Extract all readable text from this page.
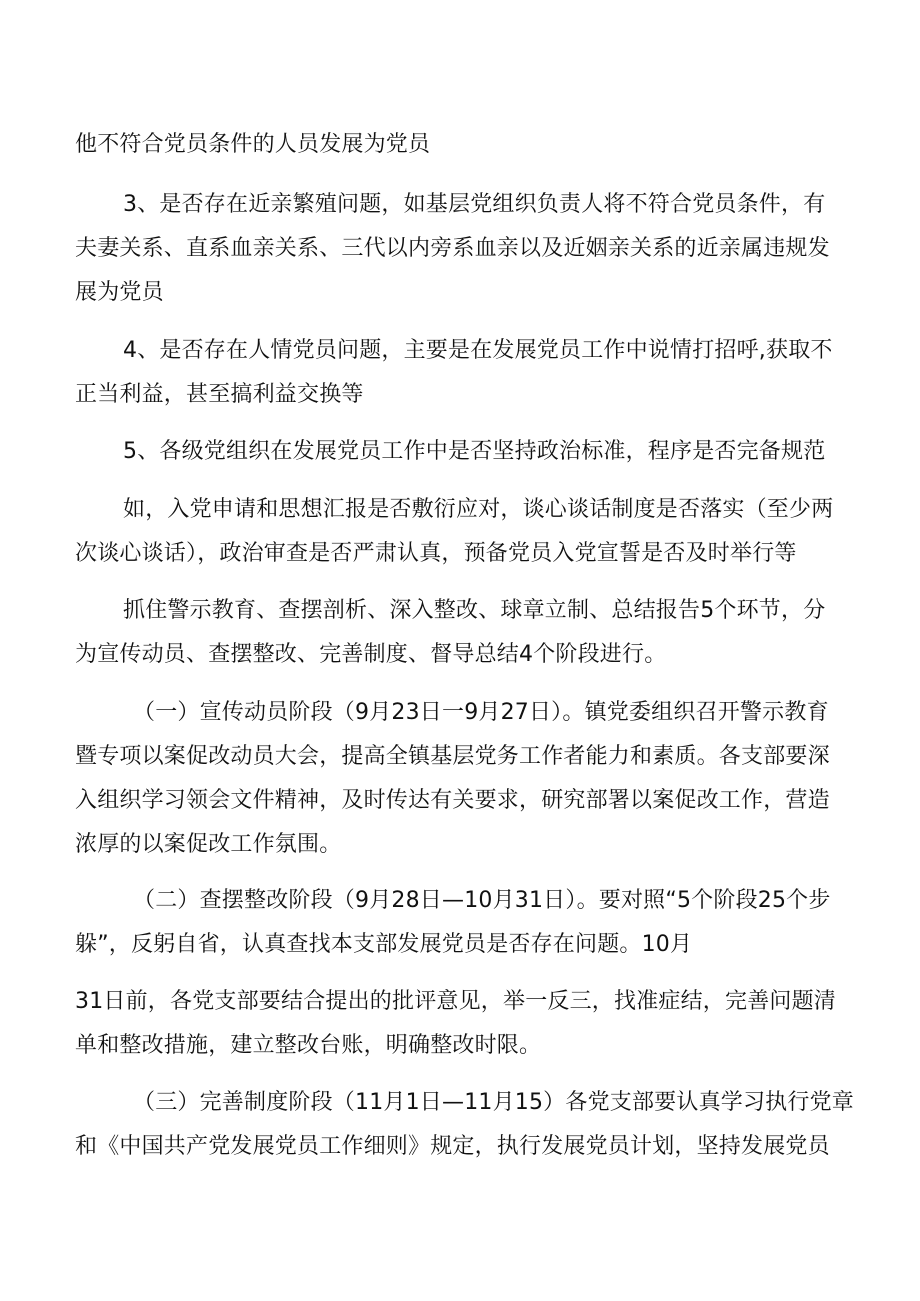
他不符合党员条件的人员发展为党员

3、是否存在近亲繁殖问题，如基层党组织负责人将不符合党员条件，有

夫妻关系、直系血亲关系、三代以内旁系血亲以及近姻亲关系的近亲属违规发

展为党员

4、是否存在人情党员问题，主要是在发展党员工作中说情打招呼,获取不

正当利益，甚至搞利益交换等

5、各级党组织在发展党员工作中是否坚持政治标准，程序是否完备规范

如，入党申请和思想汇报是否敷衍应对，谈心谈话制度是否落实（至少两

次谈心谈话），政治审查是否严肃认真，预备党员入党宣誓是否及时举行等

抓住警示教育、查摆剖析、深入整改、球章立制、总结报告5个环节，分

为宣传动员、查摆整改、完善制度、督导总结4个阶段进行。

（一）宣传动员阶段（9月23日一9月27日）。镇党委组织召开警示教育

暨专项以案促改动员大会，提高全镇基层党务工作者能力和素质。各支部要深

入组织学习领会文件精神，及时传达有关要求，研究部署以案促改工作，营造

浓厚的以案促改工作氛围。

（二）查摆整改阶段（9月28日—10月31日）。要对照“5个阶段25个步

躲”，反躬自省，认真查找本支部发展党员是否存在问题。10月

31日前，各党支部要结合提出的批评意见，举一反三，找准症结，完善问题清

单和整改措施，建立整改台账，明确整改时限。

（三）完善制度阶段（11月1日—11月15）各党支部要认真学习执行党章

和《中国共产党发展党员工作细则》规定，执行发展党员计划，坚持发展党员
